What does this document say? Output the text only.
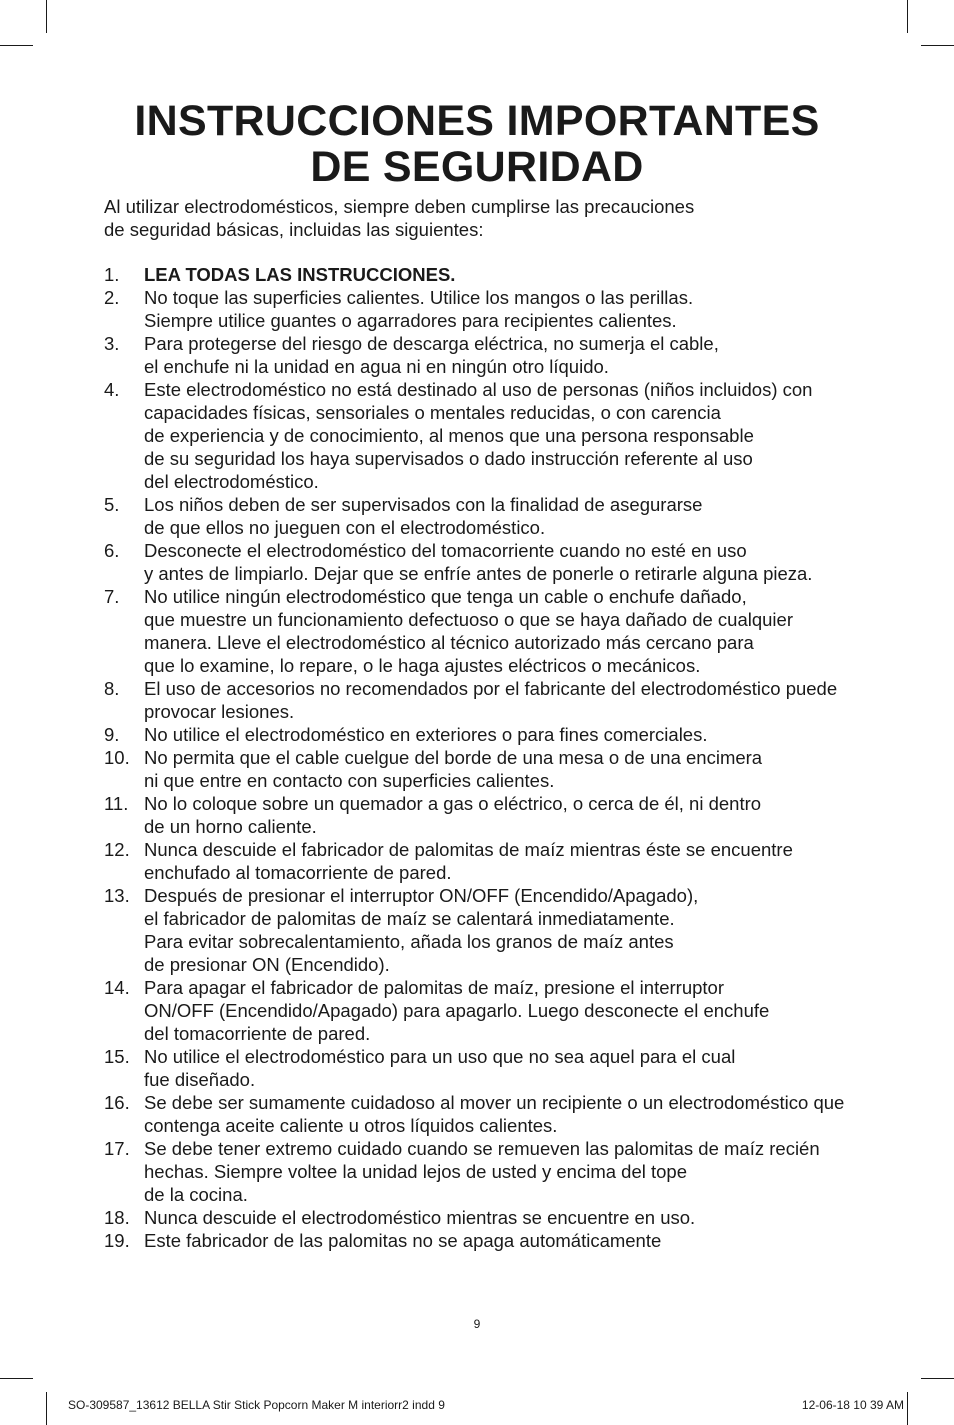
INSTRUCCIONES IMPORTANTES
DE SEGURIDAD
Al utilizar electrodomésticos, siempre deben cumplirse las precauciones
de seguridad básicas, incluidas las siguientes:
1.	LEA TODAS LAS INSTRUCCIONES.
2.	No toque las superficies calientes. Utilice los mangos o las perillas.
Siempre utilice guantes o agarradores para recipientes calientes.
3.	Para protegerse del riesgo de descarga eléctrica, no sumerja el cable,
el enchufe ni la unidad en agua ni en ningún otro líquido.
4.	Este electrodoméstico no está destinado al uso de personas (niños incluidos) con
capacidades físicas, sensoriales o mentales reducidas, o con carencia
de experiencia y de conocimiento, al menos que una persona responsable
de su seguridad los haya supervisados o dado instrucción referente al uso
del electrodoméstico.
5.	Los niños deben de ser supervisados con la finalidad de asegurarse
de que ellos no jueguen con el electrodoméstico.
6.	Desconecte el electrodoméstico del tomacorriente cuando no esté en uso
y antes de limpiarlo. Dejar que se enfríe antes de ponerle o retirarle alguna pieza.
7.	No utilice ningún electrodoméstico que tenga un cable o enchufe dañado,
que muestre un funcionamiento defectuoso o que se haya dañado de cualquier
manera. Lleve el electrodoméstico al técnico autorizado más cercano para
que lo examine, lo repare, o le haga ajustes eléctricos o mecánicos.
8.	El uso de accesorios no recomendados por el fabricante del electrodoméstico puede
provocar lesiones.
9.	No utilice el electrodoméstico en exteriores o para fines comerciales.
10. No permita que el cable cuelgue del borde de una mesa o de una encimera
ni que entre en contacto con superficies calientes.
11. No lo coloque sobre un quemador a gas o eléctrico, o cerca de él, ni dentro
de un horno caliente.
12. Nunca descuide el fabricador de palomitas de maíz mientras éste se encuentre
enchufado al tomacorriente de pared.
13. Después de presionar el interruptor ON/OFF (Encendido/Apagado),
el fabricador de palomitas de maíz se calentará inmediatamente.
Para evitar sobrecalentamiento, añada los granos de maíz antes
de presionar ON (Encendido).
14. Para apagar el fabricador de palomitas de maíz, presione el interruptor
ON/OFF (Encendido/Apagado) para apagarlo. Luego desconecte el enchufe
del tomacorriente de pared.
15. No utilice el electrodoméstico para un uso que no sea aquel para el cual
fue diseñado.
16. Se debe ser sumamente cuidadoso al mover un recipiente o un electrodoméstico que
contenga aceite caliente u otros líquidos calientes.
17. Se debe tener extremo cuidado cuando se remueven las palomitas de maíz recién
hechas. Siempre voltee la unidad lejos de usted y encima del tope
de la cocina.
18. Nunca descuide el electrodoméstico mientras se encuentre en uso.
19. Este fabricador de las palomitas no se apaga automáticamente
9
SO-309587_13612 BELLA Stir Stick Popcorn Maker M interiorr2 indd 9	12-06-18 10 39 AM
